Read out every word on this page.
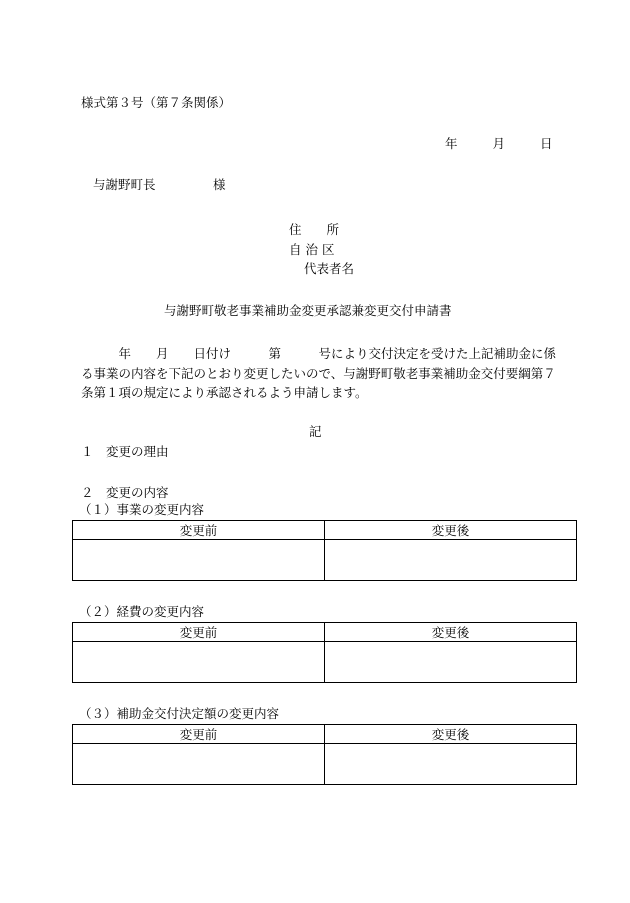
様式第３号（第７条関係）
年	月	日
与謝野町長	様
住　　所
自 治 区
代表者名
与謝野町敬老事業補助金変更承認兼変更交付申請書
　　　年　　月　　日付け　　　第　　　号により交付決定を受けた上記補助金に係る事業の内容を下記のとおり変更したいので、与謝野町敬老事業補助金交付要綱第７条第１項の規定により承認されるよう申請します。
記
１　変更の理由
２　変更の内容
（１）事業の変更内容
変更前	変更後

（２）経費の変更内容
変更前	変更後

（３）補助金交付決定額の変更内容
変更前	変更後
